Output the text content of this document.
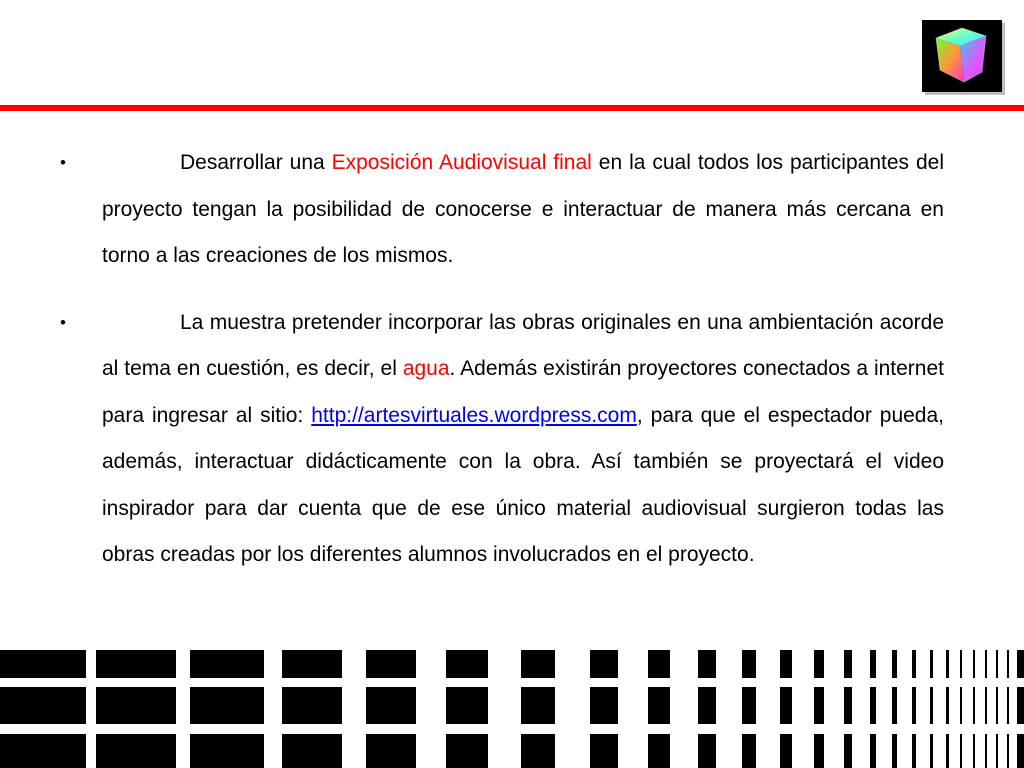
•	Desarrollar una Exposición Audiovisual final en la cual todos los participantes del proyecto tengan la posibilidad de conocerse e interactuar de manera más cercana en torno a las creaciones de los mismos.
•	La muestra pretender incorporar las obras originales en una ambientación acorde al tema en cuestión, es decir, el agua. Además existirán proyectores conectados a internet para ingresar al sitio: http://artesvirtuales.wordpress.com, para que el espectador pueda, además, interactuar didácticamente con la obra. Así también se proyectará el video inspirador para dar cuenta que de ese único material audiovisual surgieron todas las obras creadas por los diferentes alumnos involucrados en el proyecto.
